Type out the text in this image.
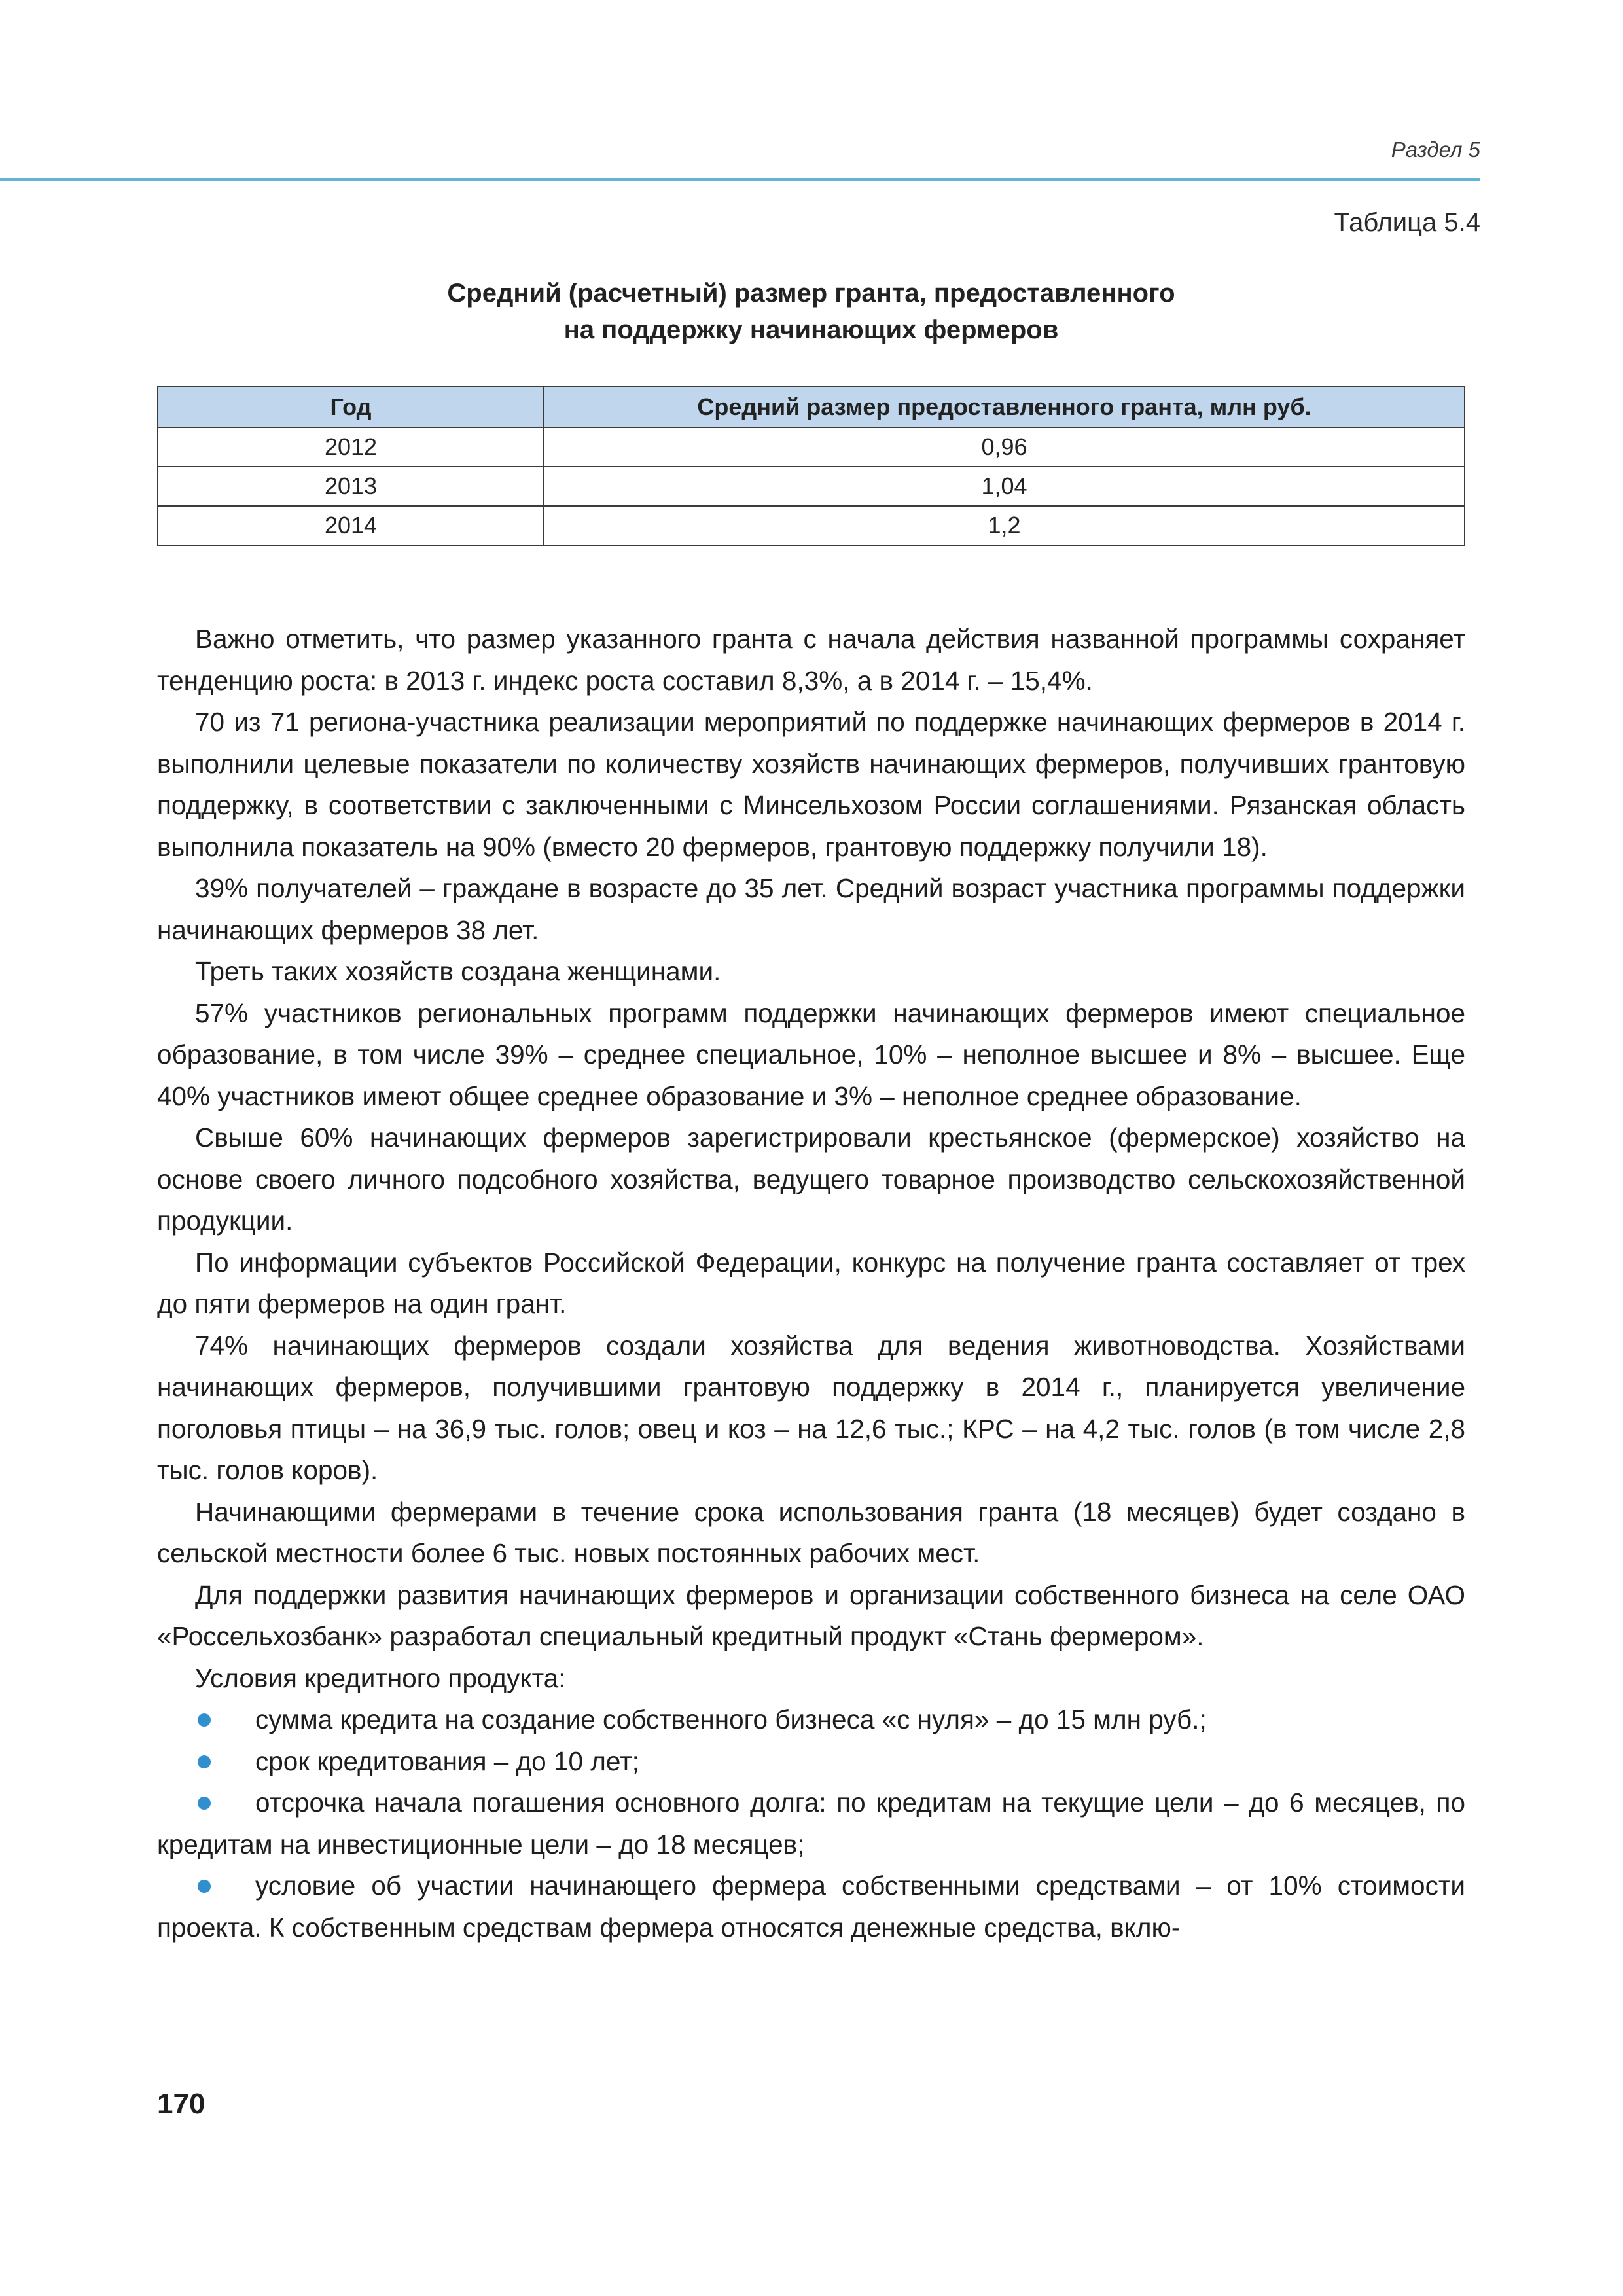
Раздел 5
Таблица 5.4
Средний (расчетный) размер гранта, предоставленного
на поддержку начинающих фермеров
Год	Средний размер предоставленного гранта, млн руб.
2012	0,96
2013	1,04
2014	1,2

Важно отметить, что размер указанного гранта с начала действия названной программы сохраняет тенденцию роста: в 2013 г. индекс роста составил 8,3%, а в 2014 г. – 15,4%.

70 из 71 региона-участника реализации мероприятий по поддержке начинающих фермеров в 2014 г. выполнили целевые показатели по количеству хозяйств начинающих фермеров, получивших грантовую поддержку, в соответствии с заключенными с Минсельхозом России соглашениями. Рязанская область выполнила показатель на 90% (вместо 20 фермеров, грантовую поддержку получили 18).

39% получателей – граждане в возрасте до 35 лет. Средний возраст участника программы поддержки начинающих фермеров 38 лет.

Треть таких хозяйств создана женщинами.

57% участников региональных программ поддержки начинающих фермеров имеют специальное образование, в том числе 39% – среднее специальное, 10% – неполное высшее и 8% – высшее. Еще 40% участников имеют общее среднее образование и 3% – неполное среднее образование.

Свыше 60% начинающих фермеров зарегистрировали крестьянское (фермерское) хозяйство на основе своего личного подсобного хозяйства, ведущего товарное производство сельскохозяйственной продукции.

По информации субъектов Российской Федерации, конкурс на получение гранта составляет от трех до пяти фермеров на один грант.

74% начинающих фермеров создали хозяйства для ведения животноводства. Хозяйствами начинающих фермеров, получившими грантовую поддержку в 2014 г., планируется увеличение поголовья птицы – на 36,9 тыс. голов; овец и коз – на 12,6 тыс.; КРС – на 4,2 тыс. голов (в том числе 2,8 тыс. голов коров).

Начинающими фермерами в течение срока использования гранта (18 месяцев) будет создано в сельской местности более 6 тыс. новых постоянных рабочих мест.

Для поддержки развития начинающих фермеров и организации собственного бизнеса на селе ОАО «Россельхозбанк» разработал специальный кредитный продукт «Стань фермером».

Условия кредитного продукта:

сумма кредита на создание собственного бизнеса «с нуля» – до 15 млн руб.;
срок кредитования – до 10 лет;
отсрочка начала погашения основного долга: по кредитам на текущие цели – до 6 месяцев, по кредитам на инвестиционные цели – до 18 месяцев;
условие об участии начинающего фермера собственными средствами – от 10% стоимости проекта. К собственным средствам фермера относятся денежные средства, вклю-
170
